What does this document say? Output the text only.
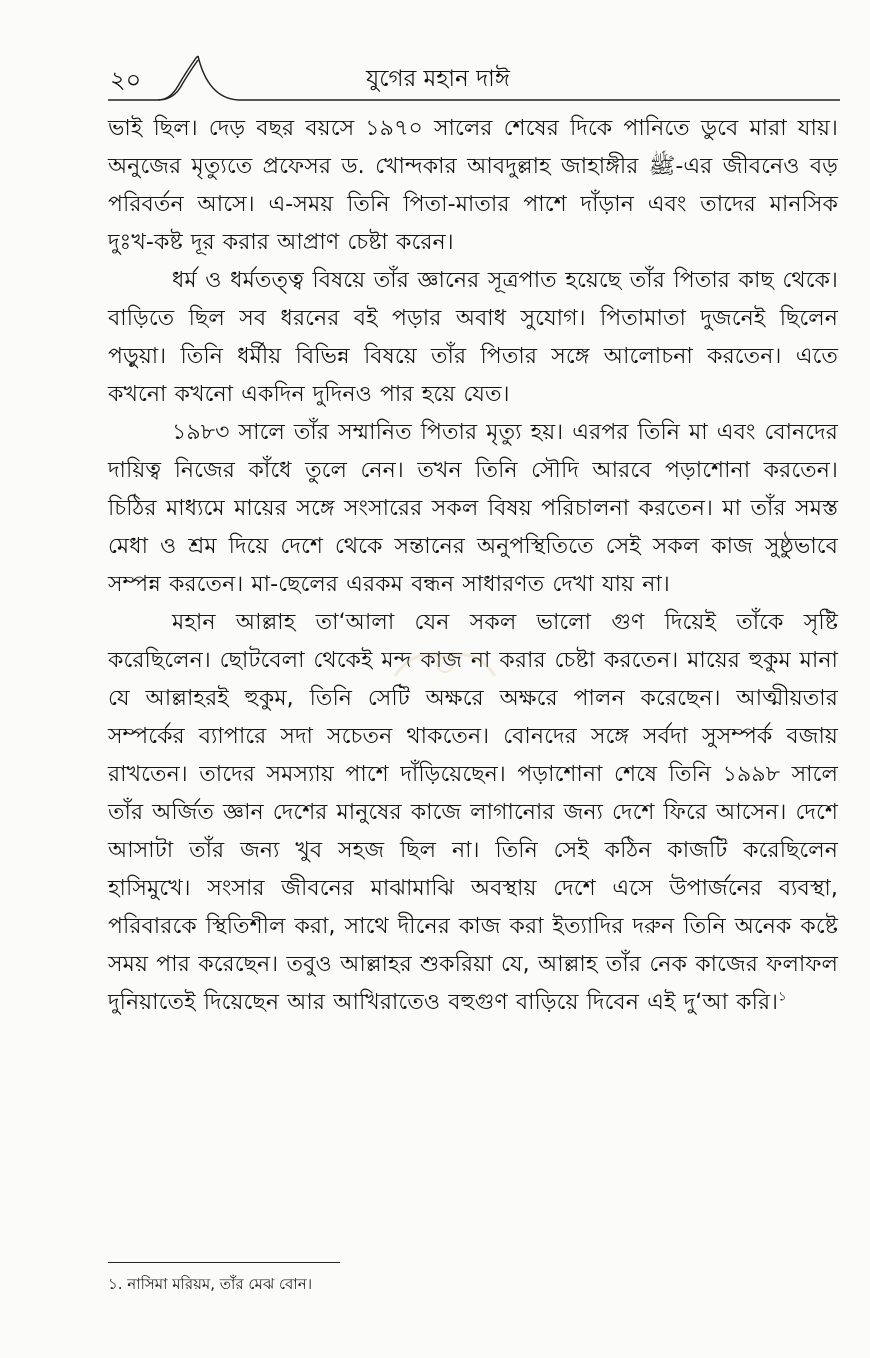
২০	যুগের মহান দাঈ

ভাই ছিল। দেড় বছর বয়সে ১৯৭০ সালের শেষের দিকে পানিতে ডুবে মারা যায়। অনুজের মৃত্যুতে প্রফেসর ড. খোন্দকার আবদুল্লাহ জাহাঙ্গীর ﷺ-এর জীবনেও বড় পরিবর্তন আসে। এ-সময় তিনি পিতা-মাতার পাশে দাঁড়ান এবং তাদের মানসিক দুঃখ-কষ্ট দূর করার আপ্রাণ চেষ্টা করেন।

ধর্ম ও ধর্মতত্ত্ব বিষয়ে তাঁর জ্ঞানের সূত্রপাত হয়েছে তাঁর পিতার কাছ থেকে। বাড়িতে ছিল সব ধরনের বই পড়ার অবাধ সুযোগ। পিতামাতা দুজনেই ছিলেন পড়ুয়া। তিনি ধর্মীয় বিভিন্ন বিষয়ে তাঁর পিতার সঙ্গে আলোচনা করতেন। এতে কখনো কখনো একদিন দুদিনও পার হয়ে যেত।

১৯৮৩ সালে তাঁর সম্মানিত পিতার মৃত্যু হয়। এরপর তিনি মা এবং বোনদের দায়িত্ব নিজের কাঁধে তুলে নেন। তখন তিনি সৌদি আরবে পড়াশোনা করতেন। চিঠির মাধ্যমে মায়ের সঙ্গে সংসারের সকল বিষয় পরিচালনা করতেন। মা তাঁর সমস্ত মেধা ও শ্রম দিয়ে দেশে থেকে সন্তানের অনুপস্থিতিতে সেই সকল কাজ সুষ্ঠুভাবে সম্পন্ন করতেন। মা-ছেলের এরকম বন্ধন সাধারণত দেখা যায় না।

মহান আল্লাহ তা‘আলা যেন সকল ভালো গুণ দিয়েই তাঁকে সৃষ্টি করেছিলেন। ছোটবেলা থেকেই মন্দ কাজ না করার চেষ্টা করতেন। মায়ের হুকুম মানা যে আল্লাহরই হুকুম, তিনি সেটি অক্ষরে অক্ষরে পালন করেছেন। আত্মীয়তার সম্পর্কের ব্যাপারে সদা সচেতন থাকতেন। বোনদের সঙ্গে সর্বদা সুসম্পর্ক বজায় রাখতেন। তাদের সমস্যায় পাশে দাঁড়িয়েছেন। পড়াশোনা শেষে তিনি ১৯৯৮ সালে তাঁর অর্জিত জ্ঞান দেশের মানুষের কাজে লাগানোর জন্য দেশে ফিরে আসেন। দেশে আসাটা তাঁর জন্য খুব সহজ ছিল না। তিনি সেই কঠিন কাজটি করেছিলেন হাসিমুখে। সংসার জীবনের মাঝামাঝি অবস্থায় দেশে এসে উপার্জনের ব্যবস্থা, পরিবারকে স্থিতিশীল করা, সাথে দীনের কাজ করা ইত্যাদির দরুন তিনি অনেক কষ্টে সময় পার করেছেন। তবুও আল্লাহর শুকরিয়া যে, আল্লাহ তাঁর নেক কাজের ফলাফল দুনিয়াতেই দিয়েছেন আর আখিরাতেও বহুগুণ বাড়িয়ে দিবেন এই দু‘আ করি।$^১$

১. নাসিমা মরিয়ম, তাঁর মেঝ বোন।
